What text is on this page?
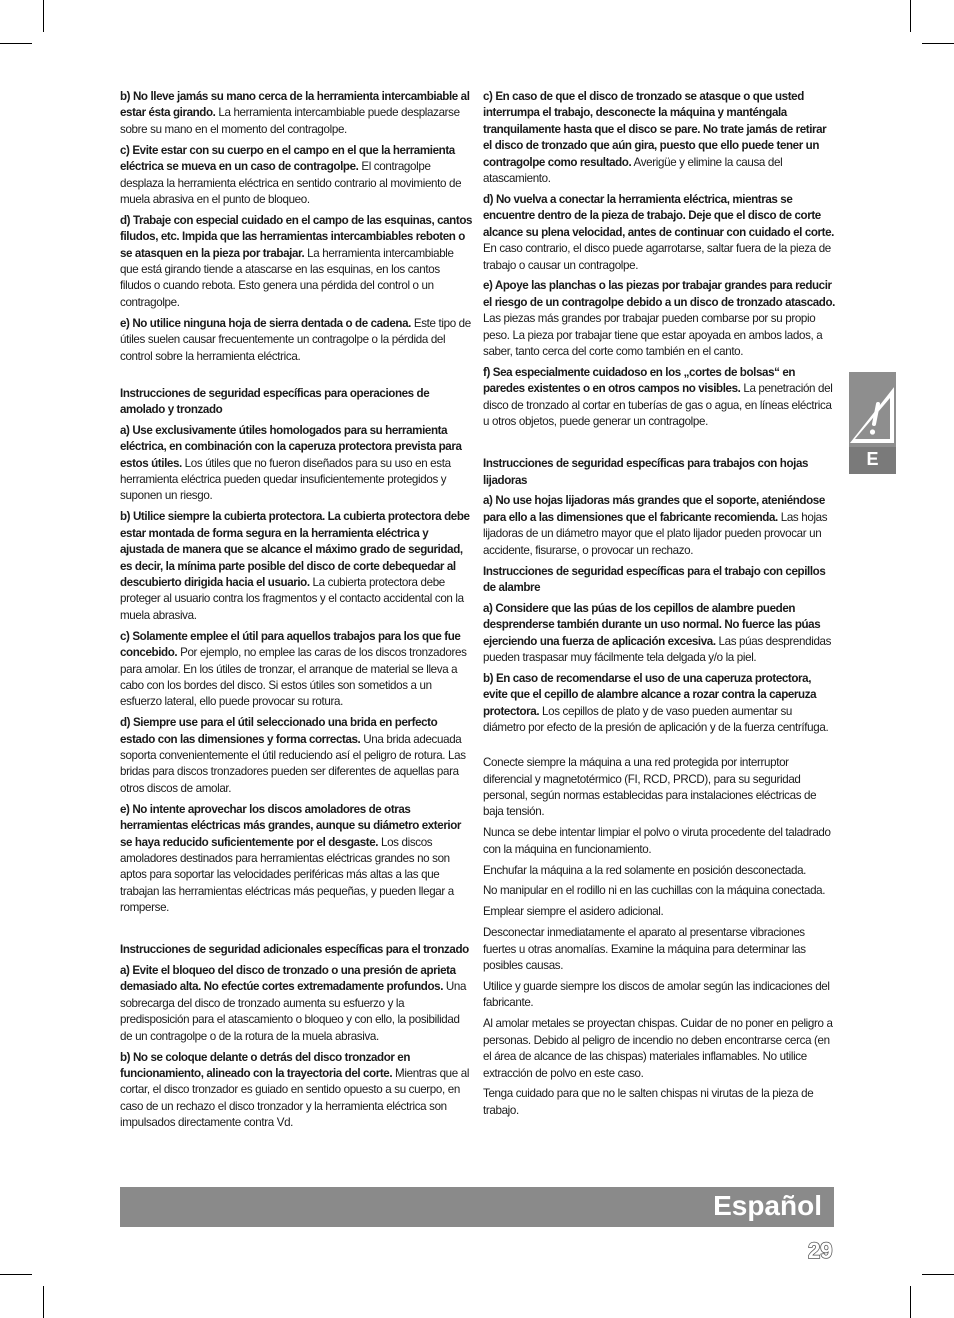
b) No lleve jamás su mano cerca de la herramienta intercambiable al estar ésta girando. La herramienta intercambiable puede desplazarse sobre su mano en el momento del contragolpe.

c) Evite estar con su cuerpo en el campo en el que la herramienta eléctrica se mueva en un caso de contragolpe. El contragolpe desplaza la herramienta eléctrica en sentido contrario al movimiento de muela abrasiva en el punto de bloqueo.

d) Trabaje con especial cuidado en el campo de las esquinas, cantos filudos, etc. Impida que las herramientas intercambiables reboten o se atasquen en la pieza por trabajar. La herramienta intercambiable que está girando tiende a atascarse en las esquinas, en los cantos filudos o cuando rebota. Esto genera una pérdida del control o un contragolpe.

e) No utilice ninguna hoja de sierra dentada o de cadena. Este tipo de útiles suelen causar frecuentemente un contragolpe o la pérdida del control sobre la herramienta eléctrica.

Instrucciones de seguridad específicas para operaciones de amolado y tronzado

a) Use exclusivamente útiles homologados para su herramienta eléctrica, en combinación con la caperuza protectora prevista para estos útiles. Los útiles que no fueron diseñados para su uso en esta herramienta eléctrica pueden quedar insuficientemente protegidos y suponen un riesgo.

b) Utilice siempre la cubierta protectora. La cubierta protectora debe estar montada de forma segura en la herramienta eléctrica y ajustada de manera que se alcance el máximo grado de seguridad, es decir, la mínima parte posible del disco de corte debequedar al descubierto dirigida hacia el usuario. La cubierta protectora debe proteger al usuario contra los fragmentos y el contacto accidental con la muela abrasiva.

c) Solamente emplee el útil para aquellos trabajos para los que fue concebido. Por ejemplo, no emplee las caras de los discos tronzadores para amolar. En los útiles de tronzar, el arranque de material se lleva a cabo con los bordes del disco. Si estos útiles son sometidos a un esfuerzo lateral, ello puede provocar su rotura.

d) Siempre use para el útil seleccionado una brida en perfecto estado con las dimensiones y forma correctas. Una brida adecuada soporta convenientemente el útil reduciendo así el peligro de rotura. Las bridas para discos tronzadores pueden ser diferentes de aquellas para otros discos de amolar.

e) No intente aprovechar los discos amoladores de otras herramientas eléctricas más grandes, aunque su diámetro exterior se haya reducido suficientemente por el desgaste. Los discos amoladores destinados para herramientas eléctricas grandes no son aptos para soportar las velocidades periféricas más altas a las que trabajan las herramientas eléctricas más pequeñas, y pueden llegar a romperse.

Instrucciones de seguridad adicionales específicas para el tronzado

a) Evite el bloqueo del disco de tronzado o una presión de aprieta demasiado alta. No efectúe cortes extremadamente profundos. Una sobrecarga del disco de tronzado aumenta su esfuerzo y la predisposición para el atascamiento o bloqueo y con ello, la posibilidad de un contragolpe o de la rotura de la muela abrasiva.

b) No se coloque delante o detrás del disco tronzador en funcionamiento, alineado con la trayectoria del corte. Mientras que al cortar, el disco tronzador es guiado en sentido opuesto a su cuerpo, en caso de un rechazo el disco tronzador y la herramienta eléctrica son impulsados directamente contra Vd.

c) En caso de que el disco de tronzado se atasque o que usted interrumpa el trabajo, desconecte la máquina y manténgala tranquilamente hasta que el disco se pare. No trate jamás de retirar el disco de tronzado que aún gira, puesto que ello puede tener un contragolpe como resultado. Averigüe y elimine la causa del atascamiento.

d) No vuelva a conectar la herramienta eléctrica, mientras se encuentre dentro de la pieza de trabajo. Deje que el disco de corte alcance su plena velocidad, antes de continuar con cuidado el corte. En caso contrario, el disco puede agarrotarse, saltar fuera de la pieza de trabajo o causar un contragolpe.

e) Apoye las planchas o las piezas por trabajar grandes para reducir el riesgo de un contragolpe debido a un disco de tronzado atascado. Las piezas más grandes por trabajar pueden combarse por su propio peso. La pieza por trabajar tiene que estar apoyada en ambos lados, a saber, tanto cerca del corte como también en el canto.

f) Sea especialmente cuidadoso en los „cortes de bolsas“ en paredes existentes o en otros campos no visibles. La penetración del disco de tronzado al cortar en tuberías de gas o agua, en líneas eléctrica u otros objetos, puede generar un contragolpe.

Instrucciones de seguridad específicas para trabajos con hojas lijadoras

a) No use hojas lijadoras más grandes que el soporte, ateniéndose para ello a las dimensiones que el fabricante recomienda. Las hojas lijadoras de un diámetro mayor que el plato lijador pueden provocar un accidente, fisurarse, o provocar un rechazo.

Instrucciones de seguridad específicas para el trabajo con cepillos de alambre

a) Considere que las púas de los cepillos de alambre pueden desprenderse también durante un uso normal. No fuerce las púas ejerciendo una fuerza de aplicación excesiva. Las púas desprendidas pueden traspasar muy fácilmente tela delgada y/o la piel.

b) En caso de recomendarse el uso de una caperuza protectora, evite que el cepillo de alambre alcance a rozar contra la caperuza protectora. Los cepillos de plato y de vaso pueden aumentar su diámetro por efecto de la presión de aplicación y de la fuerza centrífuga.

Conecte siempre la máquina a una red protegida por interruptor diferencial y magnetotérmico (FI, RCD, PRCD), para su seguridad personal, según normas establecidas para instalaciones eléctricas de baja tensión.

Nunca se debe intentar limpiar el polvo o viruta procedente del taladrado con la máquina en funcionamiento.

Enchufar la máquina a la red solamente en posición desconectada.

No manipular en el rodillo ni en las cuchillas con la máquina conectada.

Emplear siempre el asidero adicional.

Desconectar inmediatamente el aparato al presentarse vibraciones fuertes u otras anomalías. Examine la máquina para determinar las posibles causas.

Utilice y guarde siempre los discos de amolar según las indicaciones del fabricante.

Al amolar metales se proyectan chispas. Cuidar de no poner en peligro a personas. Debido al peligro de incendio no deben encontrarse cerca (en el área de alcance de las chispas) materiales inflamables. No utilice extracción de polvo en este caso.

Tenga cuidado para que no le salten chispas ni virutas de la pieza de trabajo.

E
Español
29
